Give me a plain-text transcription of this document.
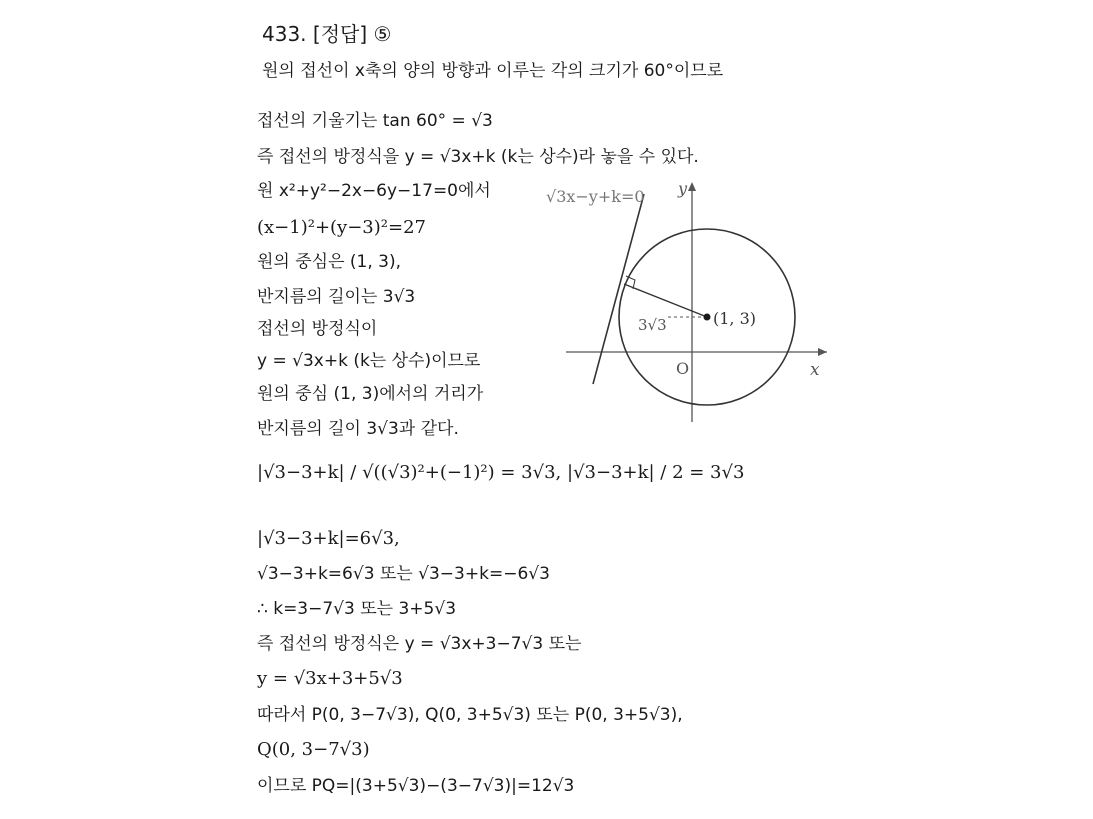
433. [정답] ⑤
원의 접선이 x축의 양의 방향과 이루는 각의 크기가 60°이므로
접선의 기울기는 tan 60° = √3
즉 접선의 방정식을 y = √3x+k (k는 상수)라 놓을 수 있다.
원 x²+y²−2x−6y−17=0에서
(x−1)²+(y−3)²=27
원의 중심은 (1, 3),
반지름의 길이는 3√3
접선의 방정식이
y = √3x+k (k는 상수)이므로
원의 중심 (1, 3)에서의 거리가
반지름의 길이 3√3과 같다.
|√3−3+k| / √((√3)²+(−1)²) = 3√3, |√3−3+k| / 2 = 3√3
|√3−3+k|=6√3,
√3−3+k=6√3 또는 √3−3+k=−6√3
∴ k=3−7√3 또는 3+5√3
즉 접선의 방정식은 y = √3x+3−7√3 또는
y = √3x+3+5√3
따라서 P(0, 3−7√3), Q(0, 3+5√3) 또는 P(0, 3+5√3),
Q(0, 3−7√3)
이므로 PQ=|(3+5√3)−(3−7√3)|=12√3
√3x−y+k=0 y
x
O
(1, 3)
3√3
